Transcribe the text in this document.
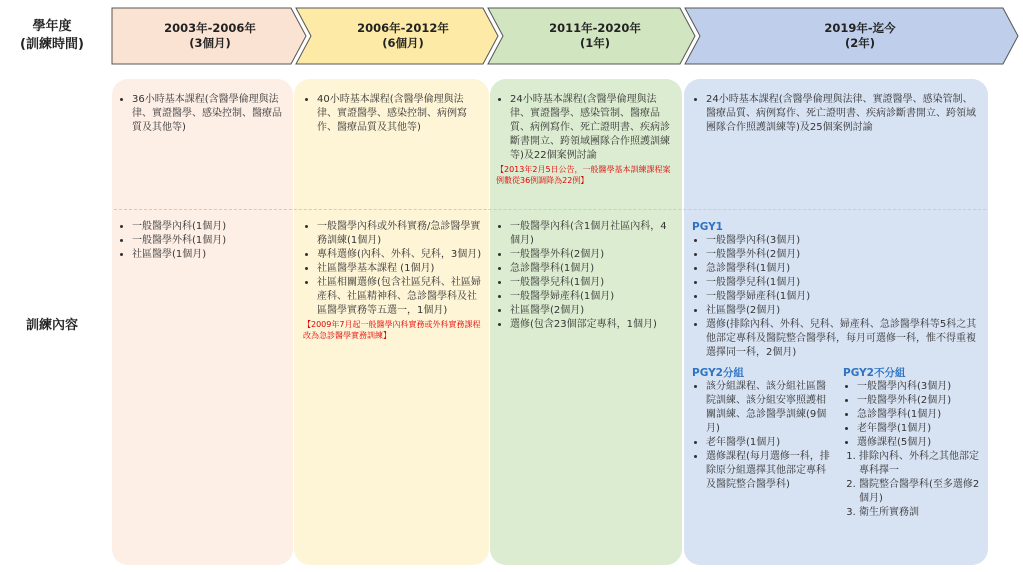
2003年-2006年
(3個月)
2006年-2012年
(6個月)
2011年-2020年
(1年)
2019年-迄今
(2年)
學年度
(訓練時間)
訓練內容
• 36小時基本課程(含醫學倫理與法律、實證醫學、感染控制、醫療品質及其他等)
• 40小時基本課程(含醫學倫理與法律、實證醫學、感染控制、病例寫作、醫療品質及其他等)
• 24小時基本課程(含醫學倫理與法律、實證醫學、感染管制、醫療品質、病例寫作、死亡證明書、疾病診斷書開立、跨領域團隊合作照護訓練等)及22個案例討論
【2013年2月5日公告，一般醫學基本訓練課程案例數從36例調降為22例】
• 24小時基本課程(含醫學倫理與法律、實證醫學、感染管制、醫療品質、病例寫作、死亡證明書、疾病診斷書開立、跨領域團隊合作照護訓練等)及25個案例討論
• 一般醫學內科(1個月)
• 一般醫學外科(1個月)
• 社區醫學(1個月)
• 一般醫學內科或外科實務/急診醫學實務訓練(1個月)
• 專科選修(內科、外科、兒科，3個月)
• 社區醫學基本課程 (1個月)
• 社區相關選修(包含社區兒科、社區婦產科、社區精神科、急診醫學科及社區醫學實務等五選一，1個月)
【2009年7月起一般醫學內科實務或外科實務課程改為急診醫學實務訓練】
• 一般醫學內科(含1個月社區內科，4個月)
• 一般醫學外科(2個月)
• 急診醫學科(1個月)
• 一般醫學兒科(1個月)
• 一般醫學婦產科(1個月)
• 社區醫學(2個月)
• 選修(包含23個部定專科，1個月)
PGY1
• 一般醫學內科(3個月)
• 一般醫學外科(2個月)
• 急診醫學科(1個月)
• 一般醫學兒科(1個月)
• 一般醫學婦產科(1個月)
• 社區醫學(2個月)
• 選修(排除內科、外科、兒科、婦產科、急診醫學科等5科之其他部定專科及醫院整合醫學科，每月可選修一科，惟不得重複選擇同一科，2個月)
PGY2分組
• 該分組課程、該分組社區醫院訓練、該分組安寧照護相關訓練、急診醫學訓練(9個月)
• 老年醫學(1個月)
• 選修課程(每月選修一科，排除原分組選擇其他部定專科及醫院整合醫學科)
PGY2不分組
• 一般醫學內科(3個月)
• 一般醫學外科(2個月)
• 急診醫學科(1個月)
• 老年醫學(1個月)
• 選修課程(5個月)
1. 排除內科、外科之其他部定專科擇一
2. 醫院整合醫學科(至多選修2個月)
3. 衛生所實務訓
